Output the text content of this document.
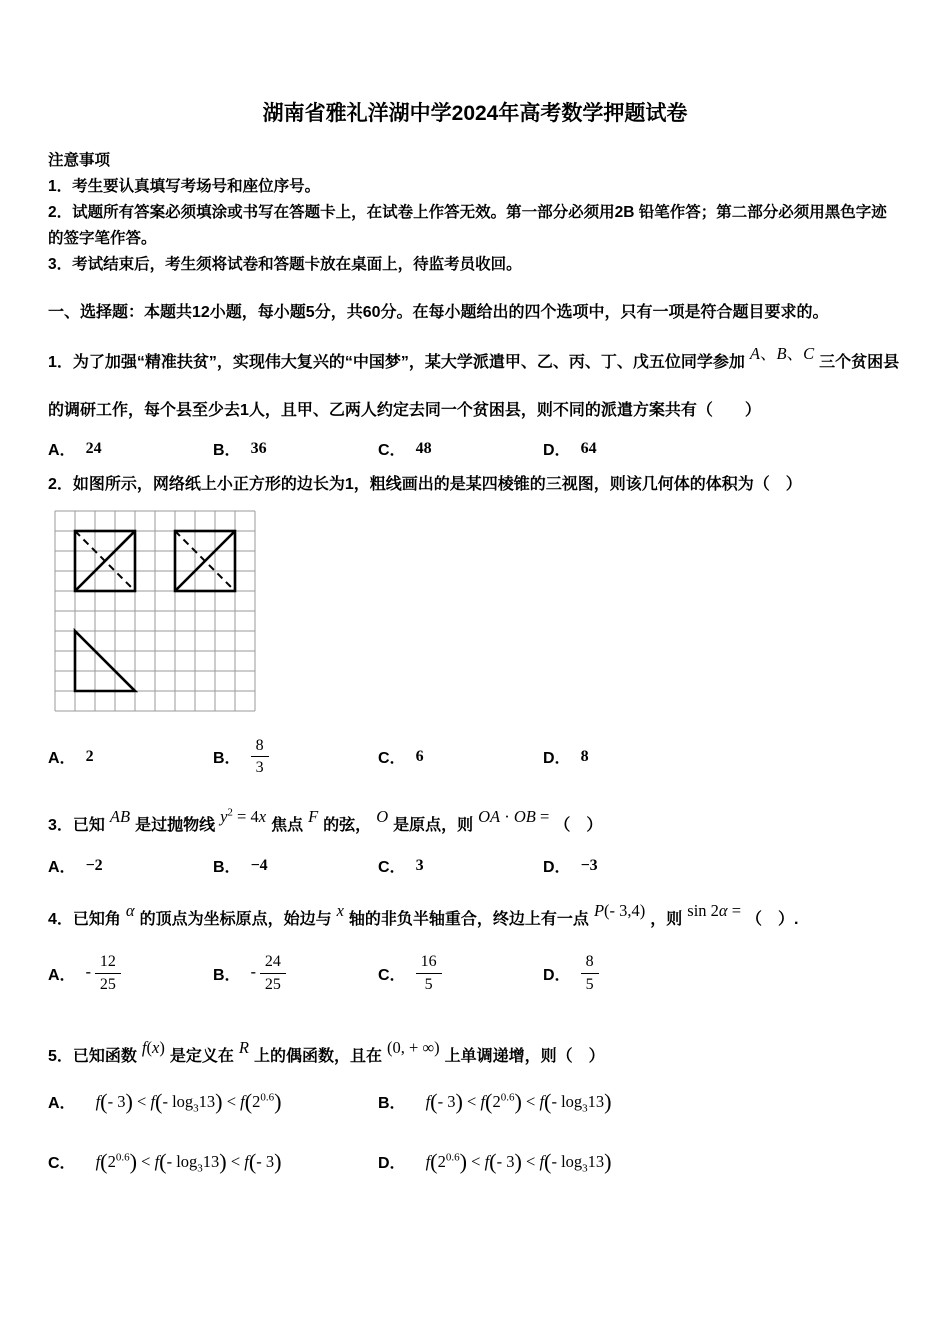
湖南省雅礼洋湖中学2024年高考数学押题试卷
注意事项
1．考生要认真填写考场号和座位序号。
2．试题所有答案必须填涂或书写在答题卡上，在试卷上作答无效。第一部分必须用2B 铅笔作答；第二部分必须用黑色字迹的签字笔作答。
3．考试结束后，考生须将试卷和答题卡放在桌面上，待监考员收回。
一、选择题：本题共12小题，每小题5分，共60分。在每小题给出的四个选项中，只有一项是符合题目要求的。
1．为了加强“精准扶贫”，实现伟大复兴的“中国梦”，某大学派遣甲、乙、丙、丁、戊五位同学参加 A、B、C 三个贫困县的调研工作，每个县至少去1人，且甲、乙两人约定去同一个贫困县，则不同的派遣方案共有（　　）
A． 24	B． 36	C． 48	D． 64
2．如图所示，网络纸上小正方形的边长为1，粗线画出的是某四棱锥的三视图，则该几何体的体积为（　）
A． 2	B． $\frac{8}{3}$	C． 6	D． 8
3．已知 AB 是过抛物线 $y^2 = 4x$ 焦点 F 的弦， O 是原点，则 OA · OB = （　）
A． −2	B． −4	C． 3	D． −3
4．已知角 α 的顶点为坐标原点，始边与 x 轴的非负半轴重合，终边上有一点 P(- 3,4) ，则 sin 2α = （　）.
A． - $\frac{12}{25}$	B． - $\frac{24}{25}$	C． $\frac{16}{5}$	D． $\frac{8}{5}$
5．已知函数 f(x) 是定义在 R 上的偶函数，且在 (0, + ∞) 上单调递增，则（　）
A． f(- 3) < f(- $\log_313) < f(2^{0.6})$	B． f(- $3) < f(2^{0.6}) < f(-$ $\log_313$)
C． $f(2^{0.6}) < f(-$ $\log_313) < f(-$ 3)	D． $f(2^{0.6}) < f(-$ 3) < f(- $\log_313$)
